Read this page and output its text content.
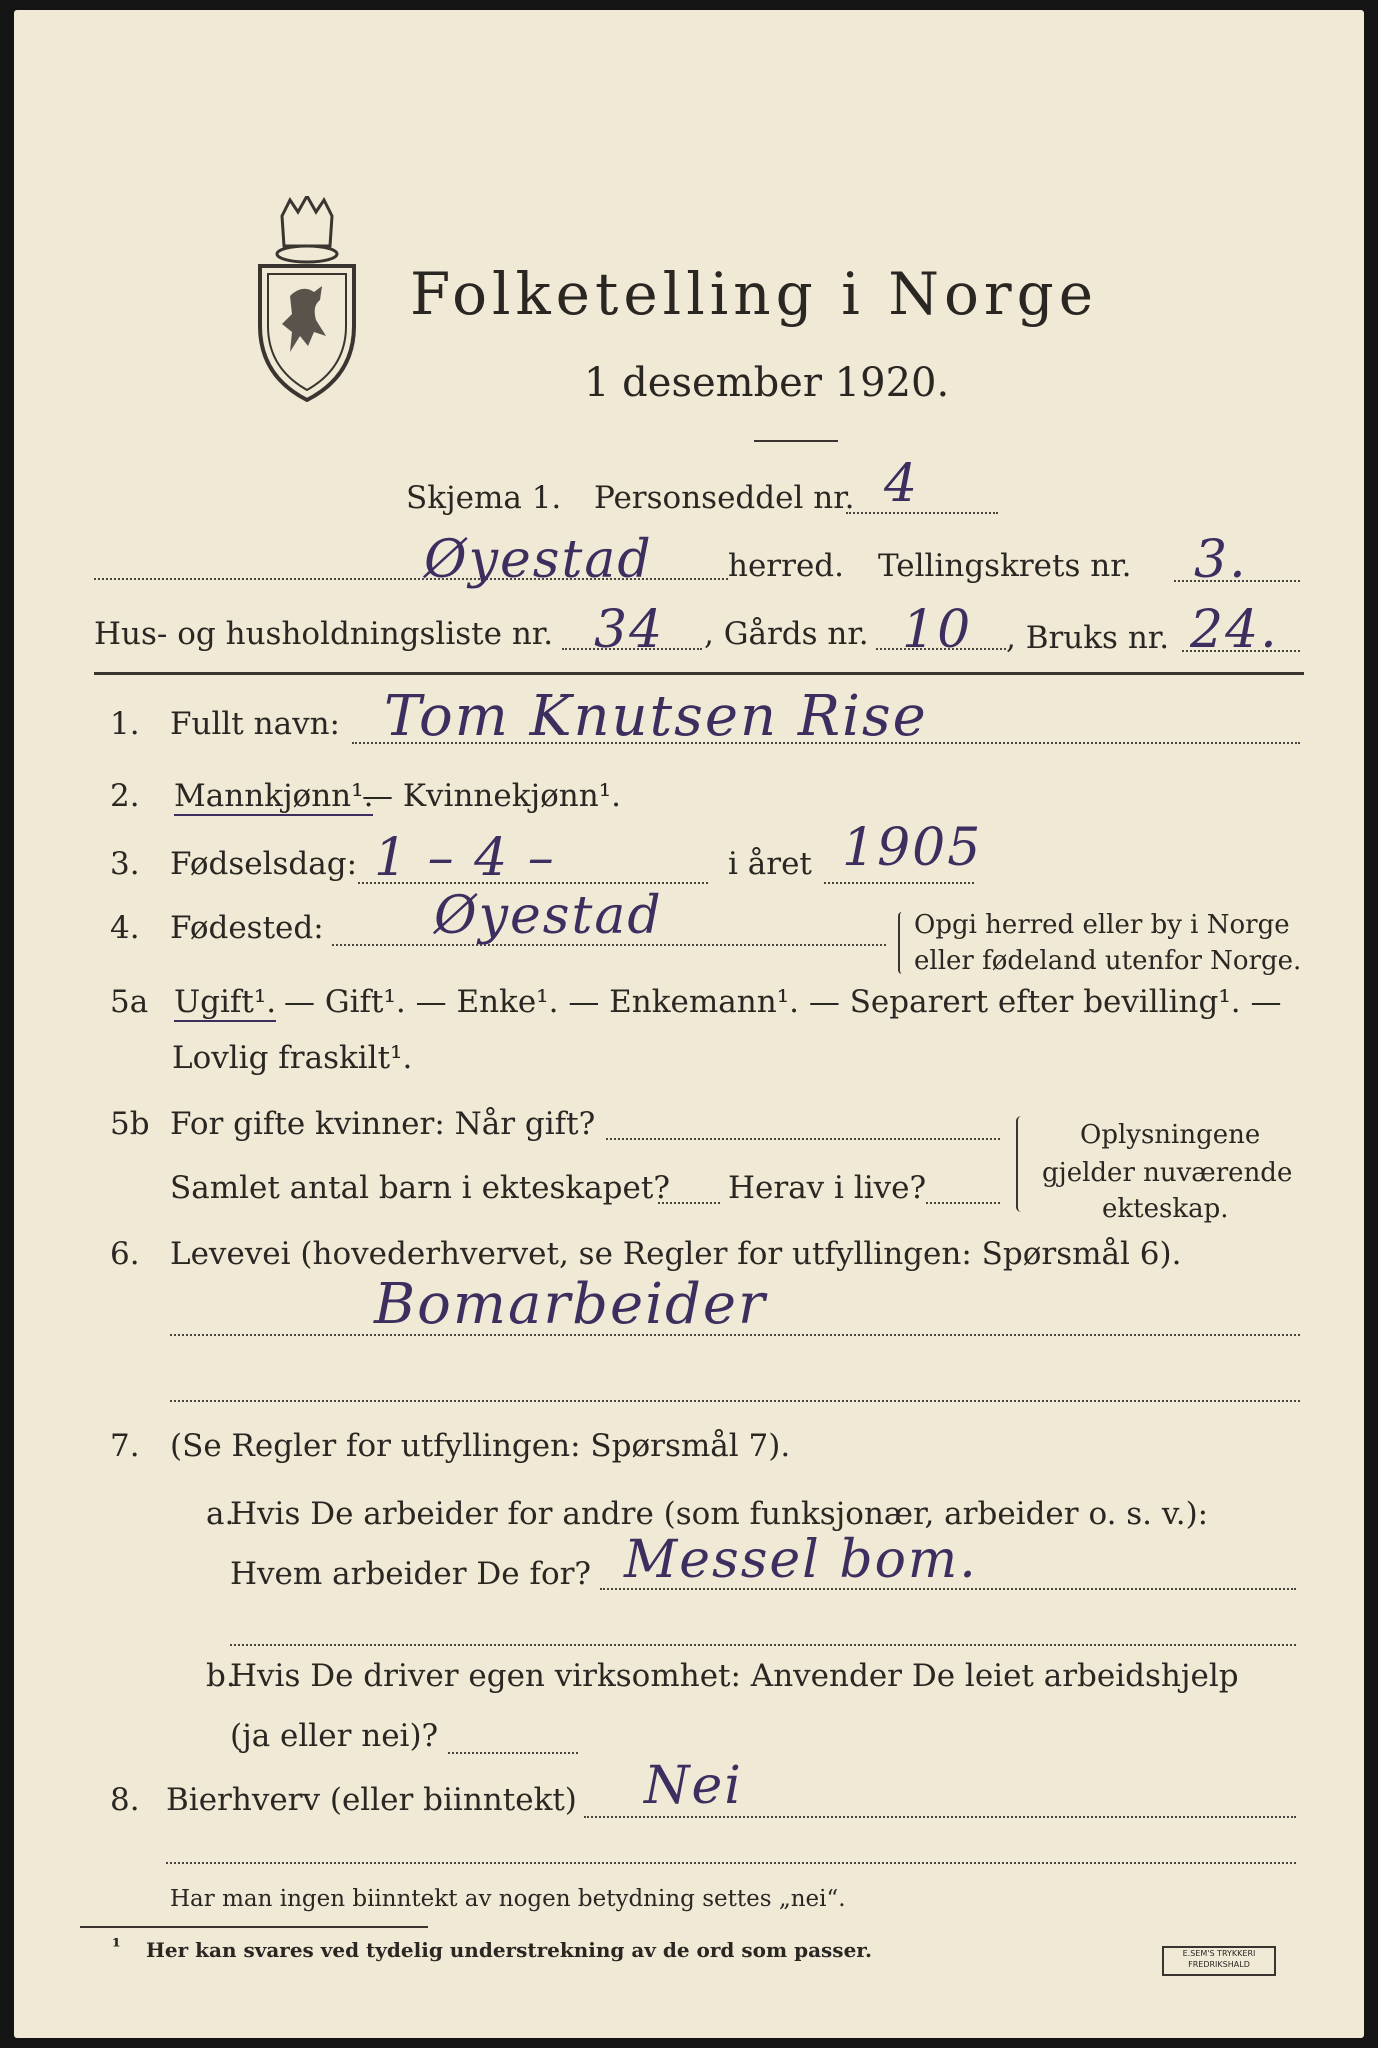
Folketelling i Norge
1 desember 1920.
Skjema 1. Personseddel nr. 4
Øyestad herred. Tellingskrets nr. 3.
Hus- og husholdningsliste nr. 34 , Gårds nr. 10 , Bruks nr. 24.
1. Fullt navn: Tom Knutsen Rise
2. Mannkjønn¹.
— Kvinnekjønn¹.
3. Fødselsdag: 1 – 4 –	i året 1905
4. Fødested: Øyestad	Opgi herred eller by i Norge
eller fødeland utenfor Norge.
5a Ugift¹. — Gift¹. — Enke¹. — Enkemann¹. — Separert efter bevilling¹. —
Lovlig fraskilt¹.
5b For gifte kvinner: Når gift?
Samlet antal barn i ekteskapet? Herav i live?
Oplysningene
gjelder nuværende
ekteskap.
6. Levevei (hovederhvervet, se Regler for utfyllingen: Spørsmål 6).
Bomarbeider
7. (Se Regler for utfyllingen: Spørsmål 7).
a.
Hvis De arbeider for andre (som funksjonær, arbeider o. s. v.):
Hvem arbeider De for? Messel bom.
b.
Hvis De driver egen virksomhet: Anvender De leiet arbeidshjelp
(ja eller nei)?
8. Bierhverv (eller biinntekt) Nei
Har man ingen biinntekt av nogen betydning settes „nei“.
¹ Her kan svares ved tydelig understrekning av de ord som passer.	E.SEM'S TRYKKERI
FREDRIKSHALD
